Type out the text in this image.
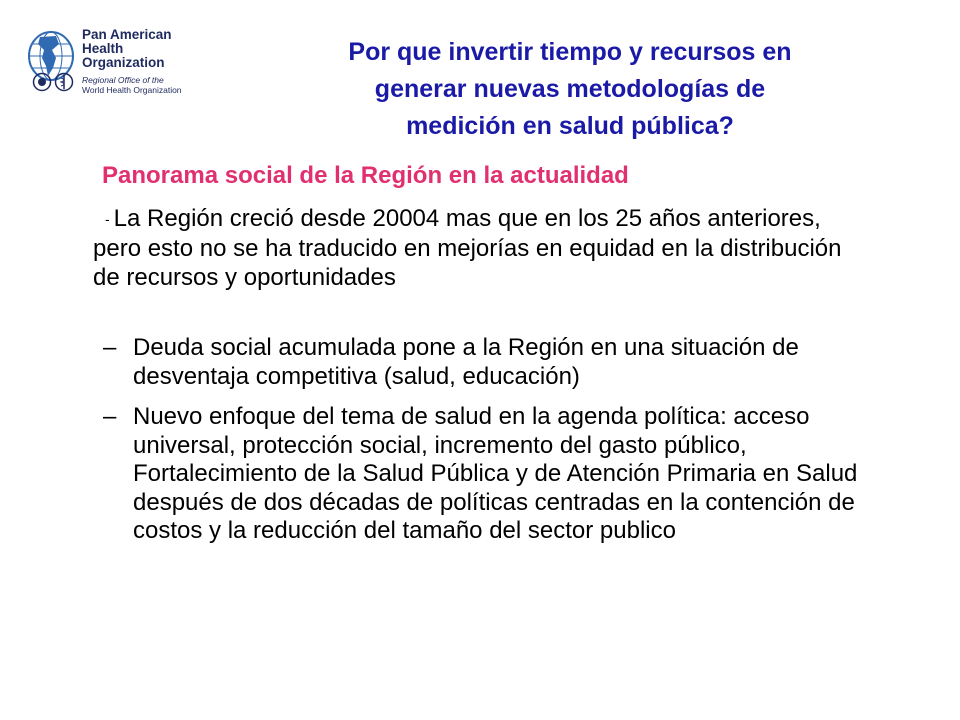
Pan American
Health
Organization
Regional Office of the
World Health Organization
Por que invertir tiempo y recursos en
generar nuevas metodologías de
medición en salud pública?
Panorama social de la Región en la actualidad
- La Región creció desde 20004 mas que en los 25 años anteriores, pero esto no se ha traducido en mejorías en equidad en la distribución de recursos y oportunidades
– Deuda social acumulada pone a la Región en una situación de desventaja competitiva (salud, educación)
– Nuevo enfoque del tema de salud en la agenda política: acceso universal, protección social, incremento del gasto público, Fortalecimiento de la Salud Pública y de Atención Primaria en Salud después de dos décadas de políticas centradas en la contención de costos y la reducción del tamaño del sector publico
